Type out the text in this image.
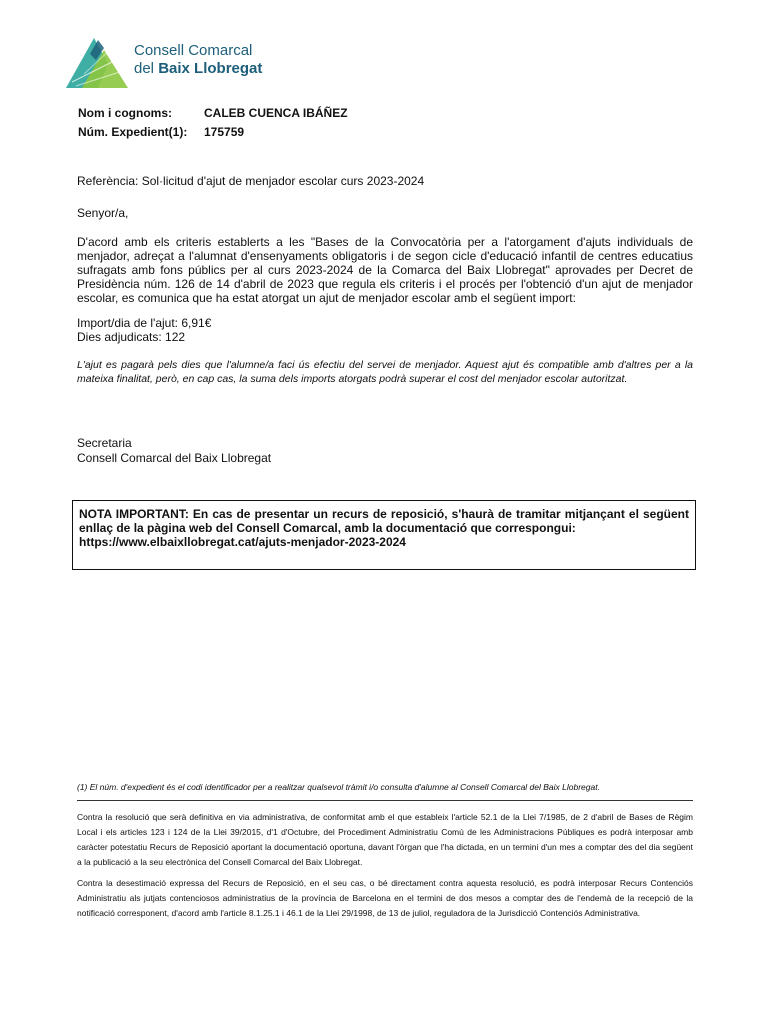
Consell Comarcal
del Baix Llobregat
Nom i cognoms:	CALEB CUENCA IBÁÑEZ
Núm. Expedient(1):	175759
Referència: Sol·licitud d'ajut de menjador escolar curs 2023-2024
Senyor/a,
D'acord amb els criteris establerts a les "Bases de la Convocatòria per a l'atorgament d'ajuts individuals de menjador, adreçat a l'alumnat d'ensenyaments obligatoris i de segon cicle d'educació infantil de centres educatius sufragats amb fons públics per al curs 2023-2024 de la Comarca del Baix Llobregat" aprovades per Decret de Presidència núm. 126 de 14 d'abril de 2023 que regula els criteris i el procés per l'obtenció d'un ajut de menjador escolar, es comunica que ha estat atorgat un ajut de menjador escolar amb el següent import:
Import/dia de l'ajut: 6,91€
Dies adjudicats: 122
L'ajut es pagarà pels dies que l'alumne/a faci ús efectiu del servei de menjador. Aquest ajut és compatible amb d'altres per a la mateixa finalitat, però, en cap cas, la suma dels imports atorgats podrà superar el cost del menjador escolar autoritzat.
Secretaria
Consell Comarcal del Baix Llobregat
NOTA IMPORTANT: En cas de presentar un recurs de reposició, s'haurà de tramitar mitjançant el següent enllaç de la pàgina web del Consell Comarcal, amb la documentació que correspongui:
https://www.elbaixllobregat.cat/ajuts-menjador-2023-2024
(1) El núm. d'expedient és el codi identificador per a realitzar qualsevol tràmit i/o consulta d'alumne al Consell Comarcal del Baix Llobregat.
Contra la resolució que serà definitiva en via administrativa, de conformitat amb el que estableix l'article 52.1 de la Llei 7/1985, de 2 d'abril de Bases de Règim Local i els articles 123 i 124 de la Llei 39/2015, d'1 d'Octubre, del Procediment Administratiu Comú de les Administracions Públiques es podrà interposar amb caràcter potestatiu Recurs de Reposició aportant la documentació oportuna, davant l'òrgan que l'ha dictada, en un termini d'un mes a comptar des del dia següent a la publicació a la seu electrònica del Consell Comarcal del Baix Llobregat.
Contra la desestimació expressa del Recurs de Reposició, en el seu cas, o bé directament contra aquesta resolució, es podrà interposar Recurs Contenciós Administratiu als jutjats contenciosos administratius de la província de Barcelona en el termini de dos mesos a comptar des de l'endemà de la recepció de la notificació corresponent, d'acord amb l'article 8.1.25.1 i 46.1 de la Llei 29/1998, de 13 de juliol, reguladora de la Jurisdicció Contenciós Administrativa.
